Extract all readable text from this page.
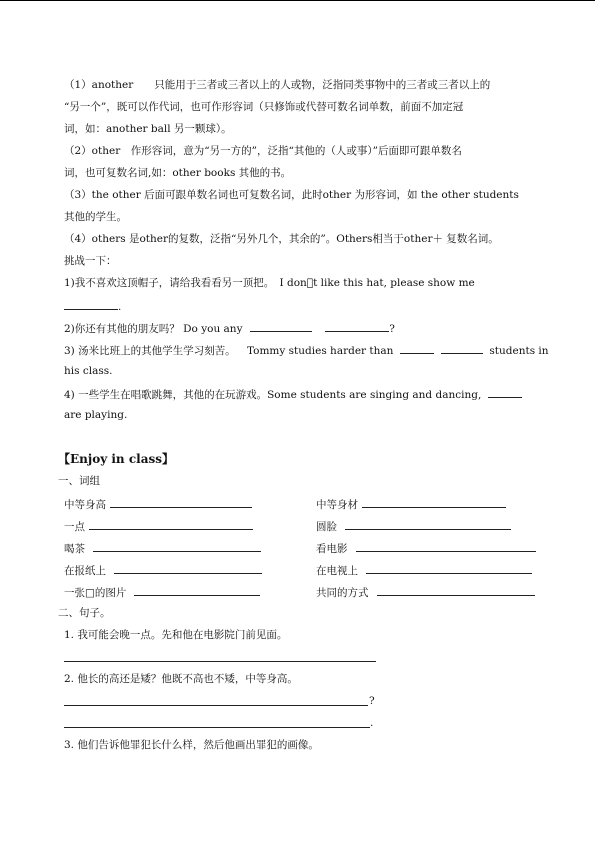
（1）another　　只能用于三者或三者以上的人或物，泛指同类事物中的三者或三者以上的
“另一个”，既可以作代词，也可作形容词（只修饰或代替可数名词单数，前面不加定冠
词，如：another ball 另一颗球）。
（2）other　作形容词，意为“另一方的”，泛指“其他的（人或事）”后面即可跟单数名
词，也可复数名词,如：other books 其他的书。
（3）the other 后面可跟单数名词也可复数名词，此时other 为形容词，如 the other students
其他的学生。
（4）others 是other的复数，泛指“另外几个，其余的”。Others相当于other＋ 复数名词。
挑战一下：
1)我不喜欢这顶帽子，请给我看看另一顶把。　I don t like this hat, please show me
.
2)你还有其他的朋友吗？ Do you any	?
3) 汤米比班上的其他学生学习刻苦。 Tommy studies harder than	students in
his class.
4) 一些学生在唱歌跳舞，其他的在玩游戏。Some students are singing and dancing,
are playing.
【Enjoy in class】
一、词组
中等身高	中等身材
一点	圆脸
喝茶	看电影
在报纸上	在电视上
一张□的图片	共同的方式
二、句子。
1. 我可能会晚一点。先和他在电影院门前见面。
2. 他长的高还是矮？他既不高也不矮，中等身高。
?
.
3. 他们告诉他罪犯长什么样，然后他画出罪犯的画像。
